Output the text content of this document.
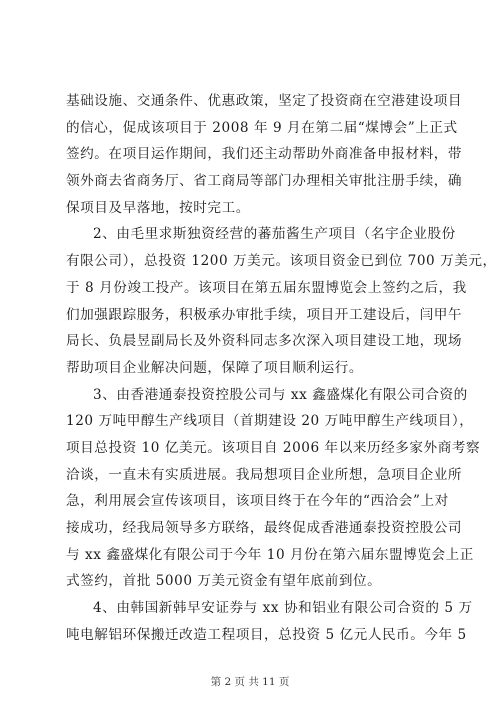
基础设施、交通条件、优惠政策，坚定了投资商在空港建设项目
的信心，促成该项目于 2008 年 9 月在第二届“煤博会”上正式
签约。在项目运作期间，我们还主动帮助外商准备申报材料，带
领外商去省商务厅、省工商局等部门办理相关审批注册手续，确
保项目及早落地，按时完工。
2、由毛里求斯独资经营的蕃茄酱生产项目（名宇企业股份
有限公司），总投资 1200 万美元。该项目资金已到位 700 万美元，
于 8 月份竣工投产。该项目在第五届东盟博览会上签约之后，我
们加强跟踪服务，积极承办审批手续，项目开工建设后，闫甲午
局长、负晨昱副局长及外资科同志多次深入项目建设工地，现场
帮助项目企业解决问题，保障了项目顺利运行。
3、由香港通泰投资控股公司与 xx 鑫盛煤化有限公司合资的
120 万吨甲醇生产线项目（首期建设 20 万吨甲醇生产线项目），
项目总投资 10 亿美元。该项目自 2006 年以来历经多家外商考察
洽谈，一直未有实质进展。我局想项目企业所想，急项目企业所
急，利用展会宣传该项目，该项目终于在今年的“西洽会”上对
接成功，经我局领导多方联络，最终促成香港通泰投资控股公司
与 xx 鑫盛煤化有限公司于今年 10 月份在第六届东盟博览会上正
式签约，首批 5000 万美元资金有望年底前到位。
4、由韩国新韩早安证券与 xx 协和铝业有限公司合资的 5 万
吨电解铝环保搬迁改造工程项目，总投资 5 亿元人民币。今年 5
第 2 页 共 11 页
